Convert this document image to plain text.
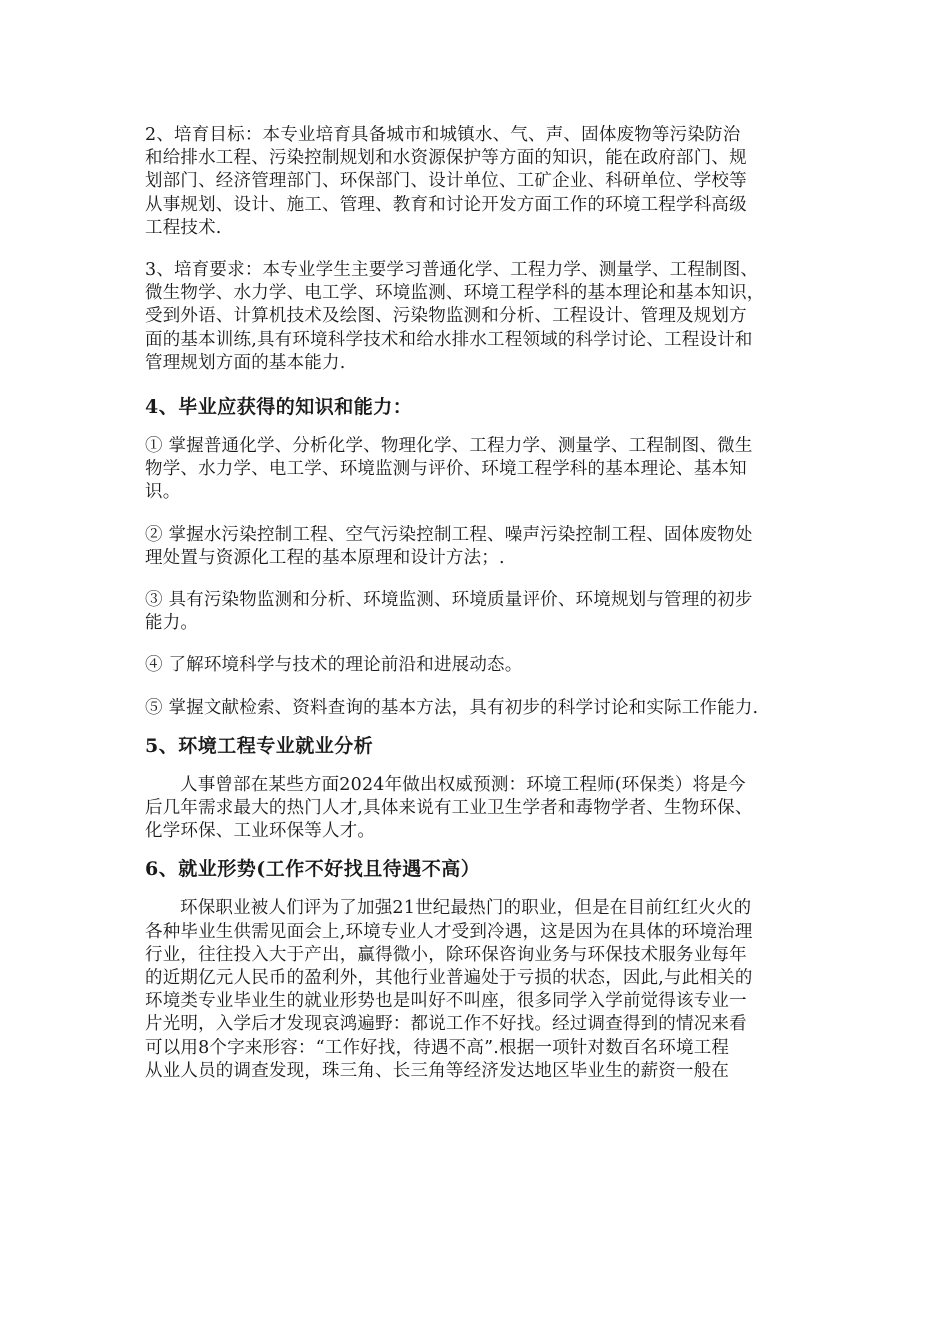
2、培育目标：本专业培育具备城市和城镇水、气、声、固体废物等污染防治
和给排水工程、污染控制规划和水资源保护等方面的知识，能在政府部门、规
划部门、经济管理部门、环保部门、设计单位、工矿企业、科研单位、学校等
从事规划、设计、施工、管理、教育和讨论开发方面工作的环境工程学科高级
工程技术.

3、培育要求：本专业学生主要学习普通化学、工程力学、测量学、工程制图、
微生物学、水力学、电工学、环境监测、环境工程学科的基本理论和基本知识，
受到外语、计算机技术及绘图、污染物监测和分析、工程设计、管理及规划方
面的基本训练,具有环境科学技术和给水排水工程领域的科学讨论、工程设计和
管理规划方面的基本能力.

4、毕业应获得的知识和能力：

① 掌握普通化学、分析化学、物理化学、工程力学、测量学、工程制图、微生
物学、水力学、电工学、环境监测与评价、环境工程学科的基本理论、基本知
识。

② 掌握水污染控制工程、空气污染控制工程、噪声污染控制工程、固体废物处
理处置与资源化工程的基本原理和设计方法；.

③ 具有污染物监测和分析、环境监测、环境质量评价、环境规划与管理的初步
能力。

④ 了解环境科学与技术的理论前沿和进展动态。

⑤ 掌握文献检索、资料查询的基本方法，具有初步的科学讨论和实际工作能力.

5、环境工程专业就业分析

人事曾部在某些方面2024年做出权威预测：环境工程师(环保类）将是今
后几年需求最大的热门人才,具体来说有工业卫生学者和毒物学者、生物环保、
化学环保、工业环保等人才。

6、就业形势(工作不好找且待遇不高）

环保职业被人们评为了加强21世纪最热门的职业，但是在目前红红火火的
各种毕业生供需见面会上,环境专业人才受到冷遇，这是因为在具体的环境治理
行业，往往投入大于产出，赢得微小，除环保咨询业务与环保技术服务业每年
的近期亿元人民币的盈利外，其他行业普遍处于亏损的状态，因此,与此相关的
环境类专业毕业生的就业形势也是叫好不叫座，很多同学入学前觉得该专业一
片光明，入学后才发现哀鸿遍野：都说工作不好找。经过调查得到的情况来看
可以用8个字来形容：“工作好找，待遇不高”.根据一项针对数百名环境工程
从业人员的调查发现，珠三角、长三角等经济发达地区毕业生的薪资一般在
